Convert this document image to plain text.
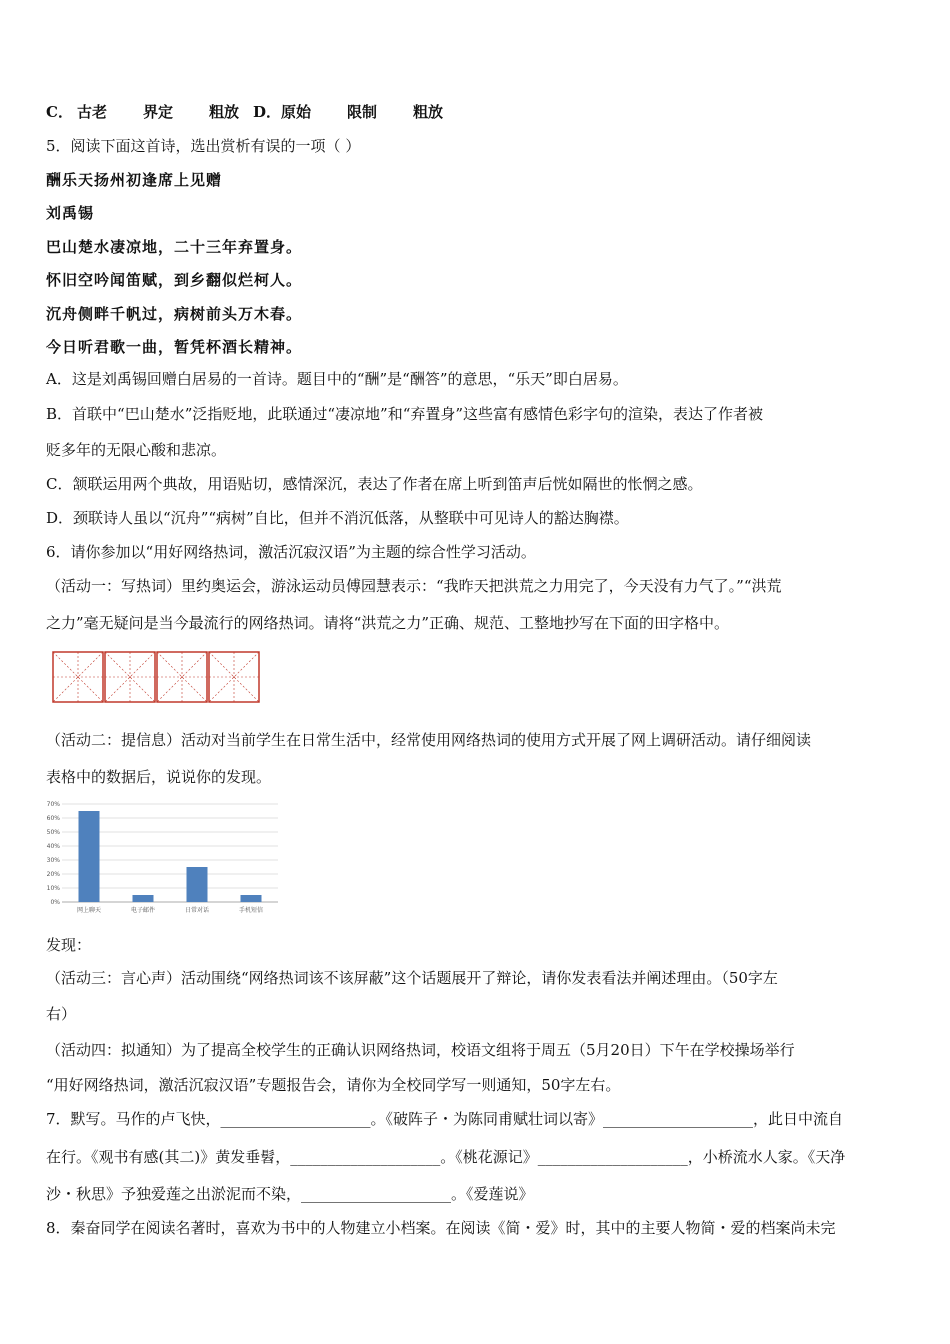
C． 古老 界定 粗放 D．原始 限制 粗放
5．阅读下面这首诗，选出赏析有误的一项（ ）
酬乐天扬州初逢席上见赠
刘禹锡
巴山楚水凄凉地，二十三年弃置身。
怀旧空吟闻笛赋，到乡翻似烂柯人。
沉舟侧畔千帆过，病树前头万木春。
今日听君歌一曲，暂凭杯酒长精神。
A．这是刘禹锡回赠白居易的一首诗。题目中的“酬”是“酬答”的意思，“乐天”即白居易。
B．首联中“巴山楚水”泛指贬地，此联通过“凄凉地”和“弃置身”这些富有感情色彩字句的渲染，表达了作者被
贬多年的无限心酸和悲凉。
C．颔联运用两个典故，用语贴切，感情深沉，表达了作者在席上听到笛声后恍如隔世的怅惘之感。
D．颈联诗人虽以“沉舟”“病树”自比，但并不消沉低落，从整联中可见诗人的豁达胸襟。
6．请你参加以“用好网络热词，激活沉寂汉语”为主题的综合性学习活动。
（活动一：写热词）里约奥运会，游泳运动员傅园慧表示：“我昨天把洪荒之力用完了，今天没有力气了。”“洪荒
之力”毫无疑问是当今最流行的网络热词。请将“洪荒之力”正确、规范、工整地抄写在下面的田字格中。
（活动二：提信息）活动对当前学生在日常生活中，经常使用网络热词的使用方式开展了网上调研活动。请仔细阅读
表格中的数据后，说说你的发现。
0%
10%
20%
30%
40%
50%
60%
70%
网上聊天	电子邮件	日常对话	手机短信
发现：
（活动三：言心声）活动围绕“网络热词该不该屏蔽”这个话题展开了辩论，请你发表看法并阐述理由。（50字左
右）
（活动四：拟通知）为了提高全校学生的正确认识网络热词，校语文组将于周五（5月20日）下午在学校操场举行
“用好网络热词，激活沉寂汉语”专题报告会，请你为全校同学写一则通知，50字左右。
7．默写。马作的卢飞快，____________________。《破阵子・为陈同甫赋壮词以寄》____________________，此日中流自
在行。《观书有感(其二)》黄发垂髫，____________________。《桃花源记》____________________，小桥流水人家。《天净
沙・秋思》予独爱莲之出淤泥而不染，____________________。《爱莲说》
8．秦奋同学在阅读名著时，喜欢为书中的人物建立小档案。在阅读《简・爱》时，其中的主要人物简・爱的档案尚未完
